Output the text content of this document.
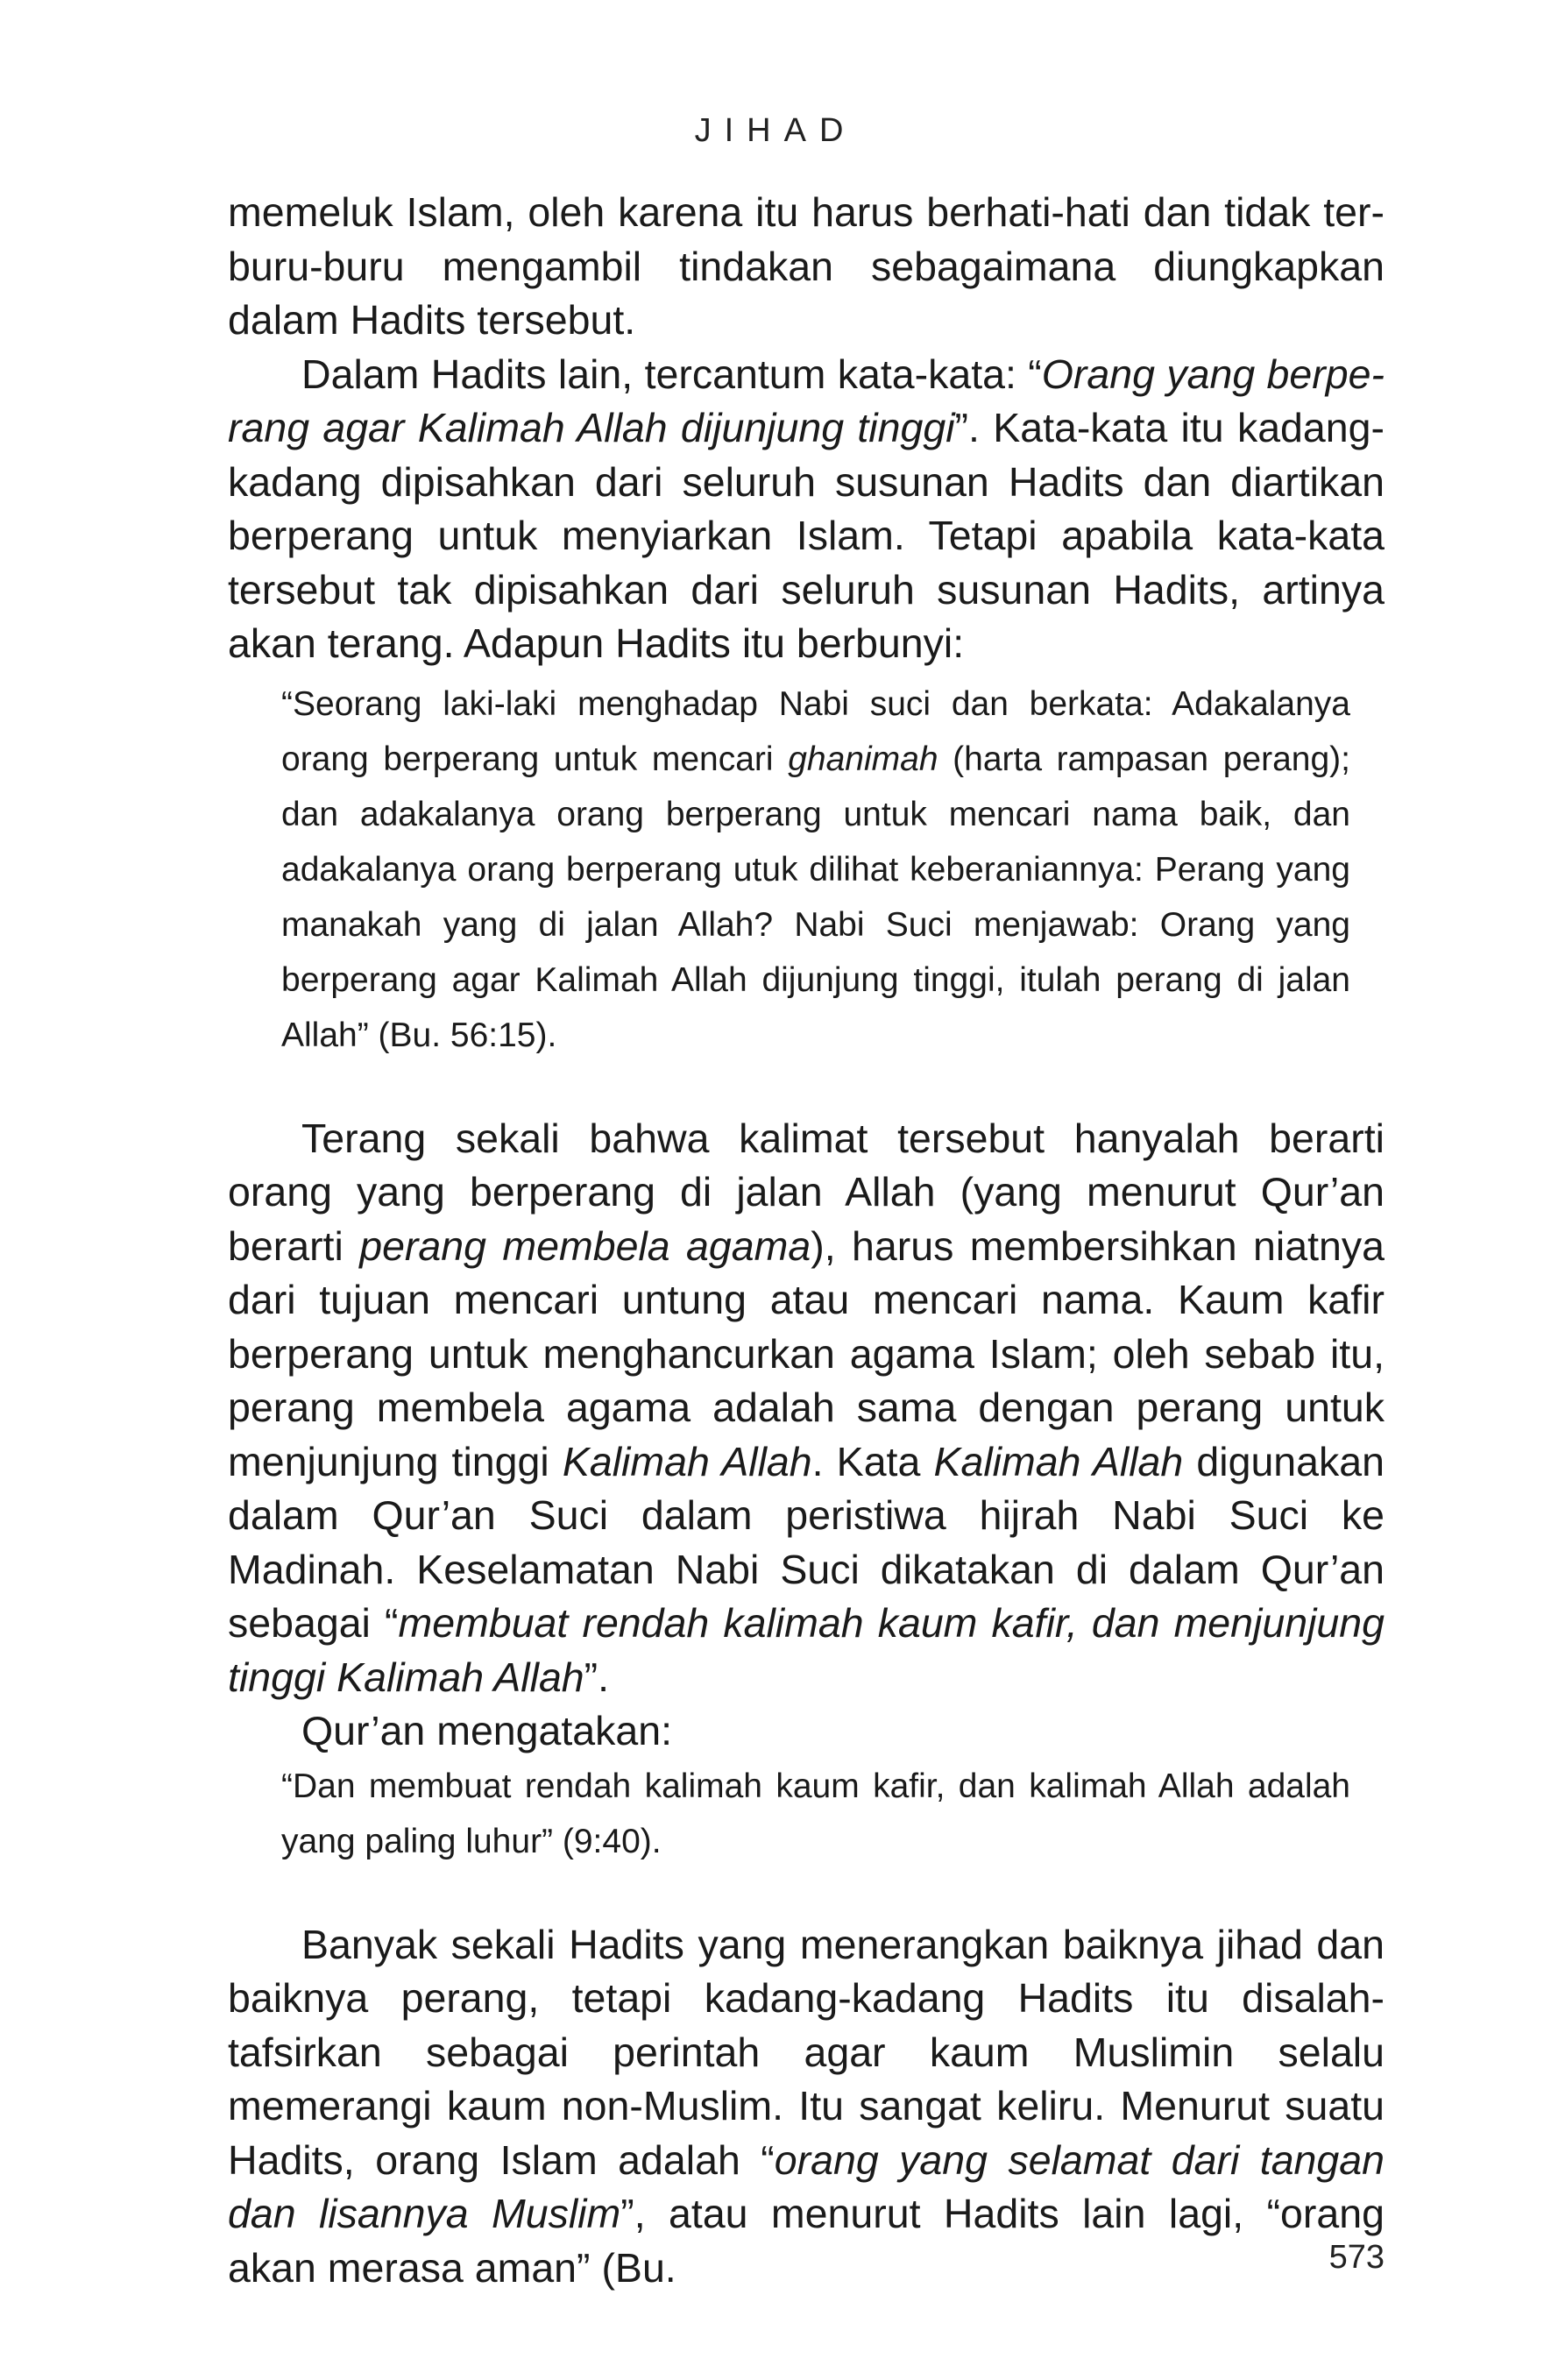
JIHAD

memeluk Islam, oleh karena itu harus berhati-hati dan tidak terburu-buru mengambil tindakan sebagaimana diungkapkan dalam Hadits tersebut.

Dalam Hadits lain, tercantum kata-kata: “Orang yang berperang agar Kalimah Allah dijunjung tinggi”. Kata-kata itu kadang-kadang dipisahkan dari seluruh susunan Hadits dan diartikan berperang untuk menyiarkan Islam. Tetapi apabila kata-kata tersebut tak dipisahkan dari seluruh susunan Hadits, artinya akan terang. Adapun Hadits itu berbunyi:

“Seorang laki-laki menghadap Nabi suci dan berkata: Adakalanya orang berperang untuk mencari ghanimah (harta rampasan perang); dan adakalanya orang berperang untuk mencari nama baik, dan adakalanya orang berperang utuk dilihat keberaniannya: Perang yang manakah yang di jalan Allah? Nabi Suci menjawab: Orang yang berperang agar Kalimah Allah dijunjung tinggi, itulah perang di jalan Allah” (Bu. 56:15).

Terang sekali bahwa kalimat tersebut hanyalah berarti orang yang berperang di jalan Allah (yang menurut Qur’an berarti perang membela agama), harus membersihkan niatnya dari tujuan mencari untung atau mencari nama. Kaum kafir berperang untuk menghancurkan agama Islam; oleh sebab itu, perang membela agama adalah sama dengan perang untuk menjunjung tinggi Kalimah Allah. Kata Kalimah Allah digunakan dalam Qur’an Suci dalam peristiwa hijrah Nabi Suci ke Madinah. Keselamatan Nabi Suci dikatakan di dalam Qur’an sebagai “membuat rendah kalimah kaum kafir, dan menjunjung tinggi Kalimah Allah”.

Qur’an mengatakan:

“Dan membuat rendah kalimah kaum kafir, dan kalimah Allah adalah yang paling luhur” (9:40).

Banyak sekali Hadits yang menerangkan baiknya jihad dan baiknya perang, tetapi kadang-kadang Hadits itu disalah-tafsirkan sebagai perintah agar kaum Muslimin selalu memerangi kaum non-Muslim. Itu sangat keliru. Menurut suatu Hadits, orang Islam adalah “orang yang selamat dari tangan dan lisannya Muslim”, atau menurut Hadits lain lagi, “orang akan merasa aman” (Bu.	573
